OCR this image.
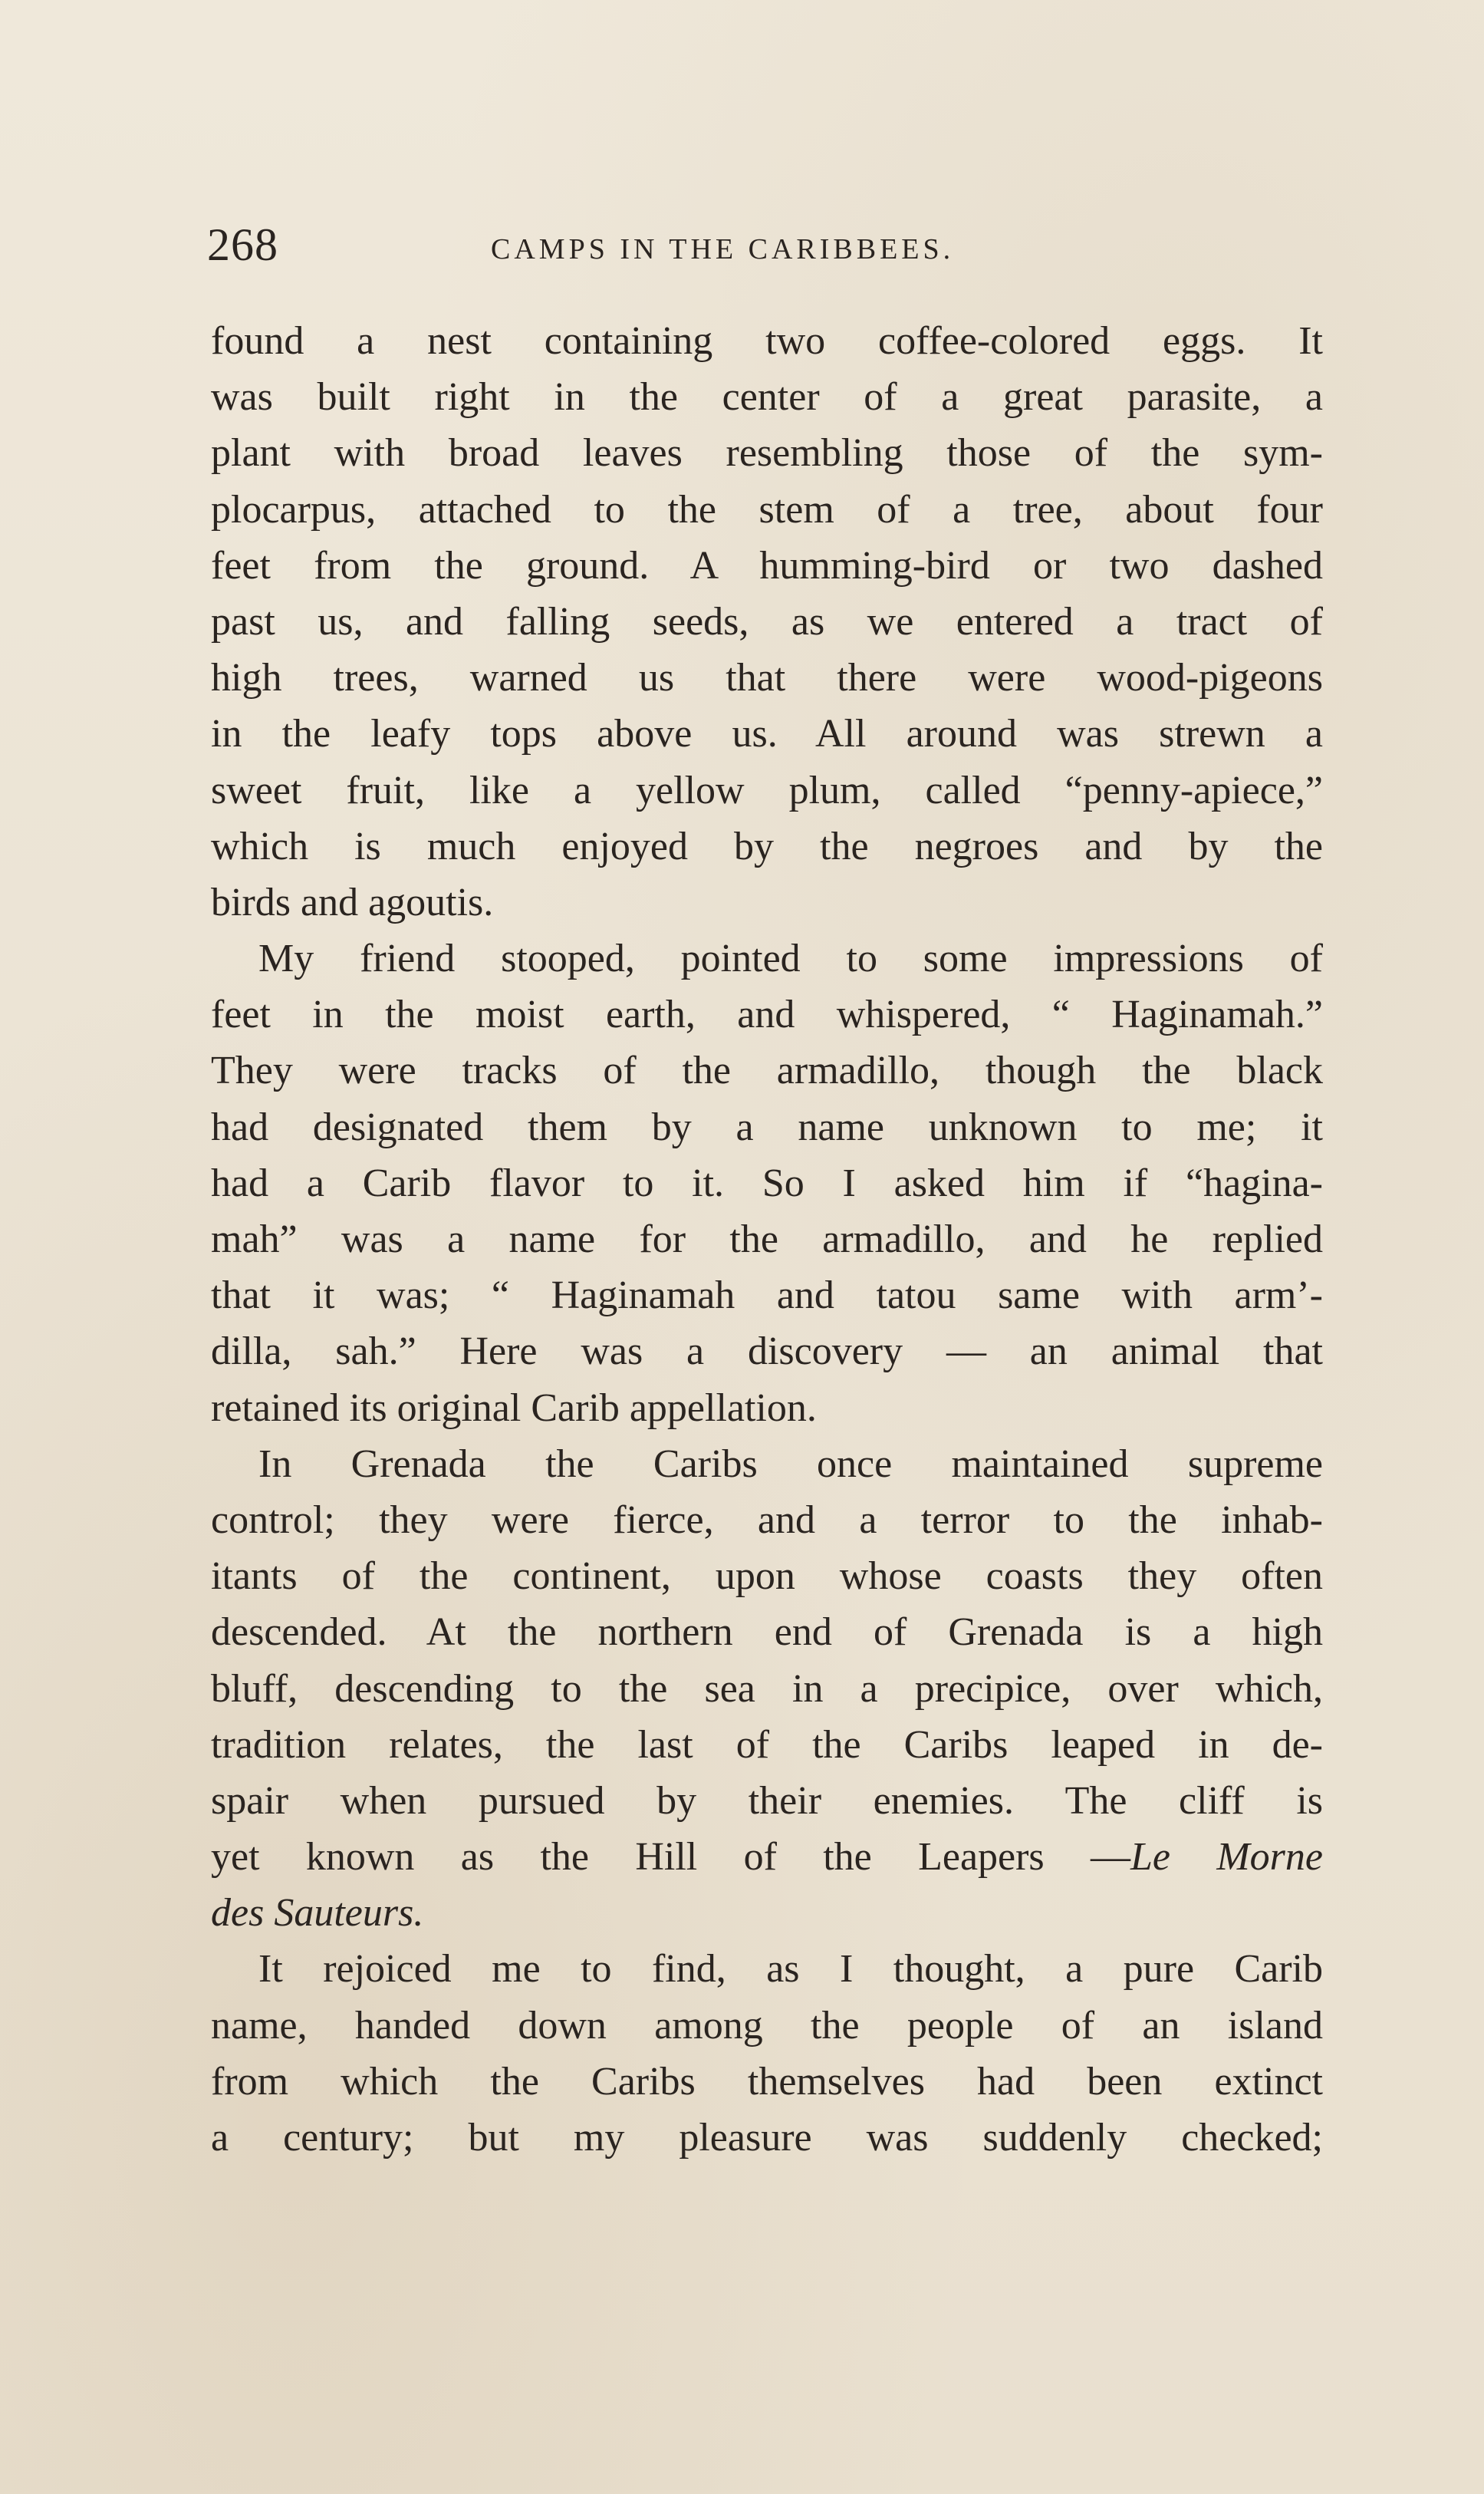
268	CAMPS IN THE CARIBBEES.
found a nest containing two coffee-colored eggs. It
was built right in the center of a great parasite, a
plant with broad leaves resembling those of the sym-
plocarpus, attached to the stem of a tree, about four
feet from the ground. A humming-bird or two dashed
past us, and falling seeds, as we entered a tract of
high trees, warned us that there were wood-pigeons
in the leafy tops above us. All around was strewn a
sweet fruit, like a yellow plum, called “penny-apiece,”
which is much enjoyed by the negroes and by the
birds and agoutis.
My friend stooped, pointed to some impressions of
feet in the moist earth, and whispered, “ Haginamah.”
They were tracks of the armadillo, though the black
had designated them by a name unknown to me; it
had a Carib flavor to it. So I asked him if “hagina-
mah” was a name for the armadillo, and he replied
that it was; “ Haginamah and tatou same with arm’-
dilla, sah.” Here was a discovery — an animal that
retained its original Carib appellation.
In Grenada the Caribs once maintained supreme
control; they were fierce, and a terror to the inhab-
itants of the continent, upon whose coasts they often
descended. At the northern end of Grenada is a high
bluff, descending to the sea in a precipice, over which,
tradition relates, the last of the Caribs leaped in de-
spair when pursued by their enemies. The cliff is
yet known as the Hill of the Leapers —Le Morne
des Sauteurs.
It rejoiced me to find, as I thought, a pure Carib
name, handed down among the people of an island
from which the Caribs themselves had been extinct
a century; but my pleasure was suddenly checked;
